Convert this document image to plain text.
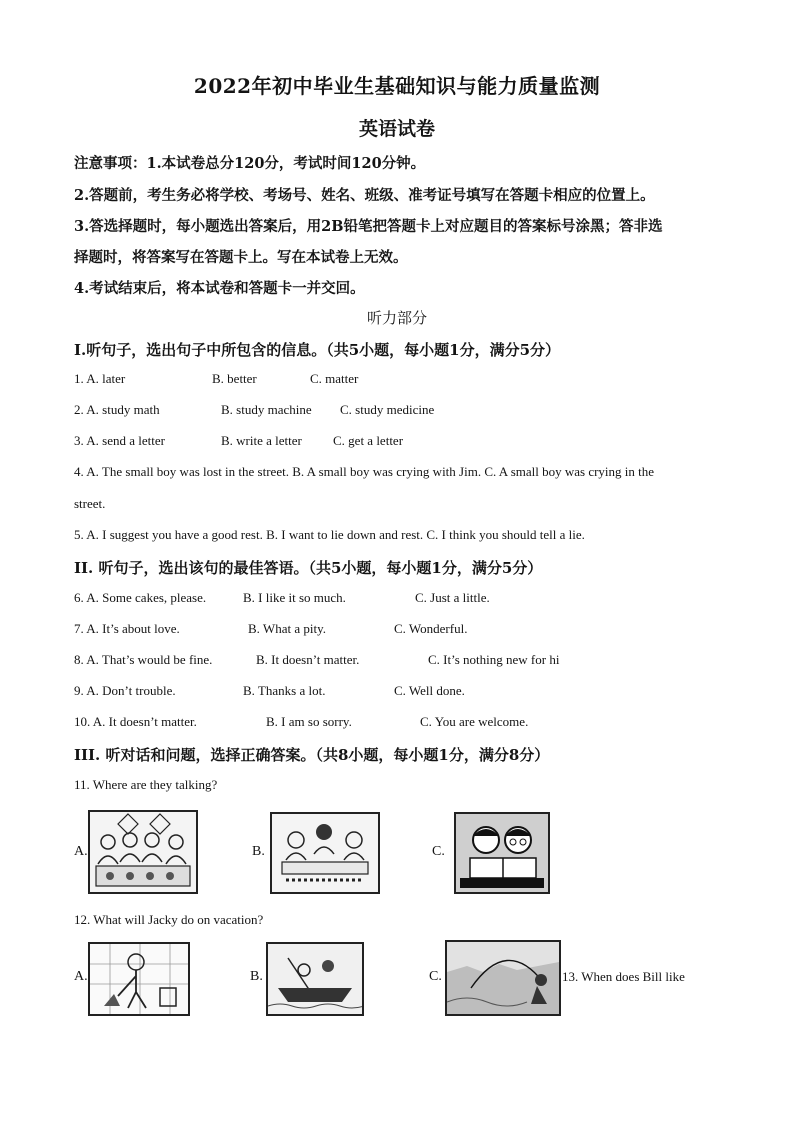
2022年初中毕业生基础知识与能力质量监测
英语试卷
注意事项：1.本试卷总分120分，考试时间120分钟。
2.答题前，考生务必将学校、考场号、姓名、班级、准考证号填写在答题卡相应的位置上。
3.答选择题时，每小题选出答案后，用2B铅笔把答题卡上对应题目的答案标号涂黑；答非选
择题时，将答案写在答题卡上。写在本试卷上无效。
4.考试结束后，将本试卷和答题卡一并交回。
听力部分
I.听句子，选出句子中所包含的信息。（共5小题，每小题1分，满分5分）
1. A. later	B. better	C. matter
2. A. study math	B. study machine C. study medicine
3. A. send a letter	B. write a letter C. get a letter
4. A. The small boy was lost in the street. B. A small boy was crying with Jim. C. A small boy was crying in the
street.
5. A. I suggest you have a good rest. B. I want to lie down and rest. C. I think you should tell a lie.
II. 听句子，选出该句的最佳答语。（共5小题，每小题1分，满分5分）
6. A. Some cakes, please.	B. I like it so much.	C. Just a little.
7. A. It’s about love.	B. What a pity.	C. Wonderful.
8. A. That’s would be fine.	B. It doesn’t matter.	C. It’s nothing new for hi
9. A. Don’t trouble.	B. Thanks a lot.	C. Well done.
10. A. It doesn’t matter.	B. I am so sorry.	C. You are welcome.
III. 听对话和问题，选择正确答案。（共8小题，每小题1分，满分8分）
11. Where are they talking?
A.	B.	C.
12. What will Jacky do on vacation?
A.	B.	C.	13. When does Bill like
